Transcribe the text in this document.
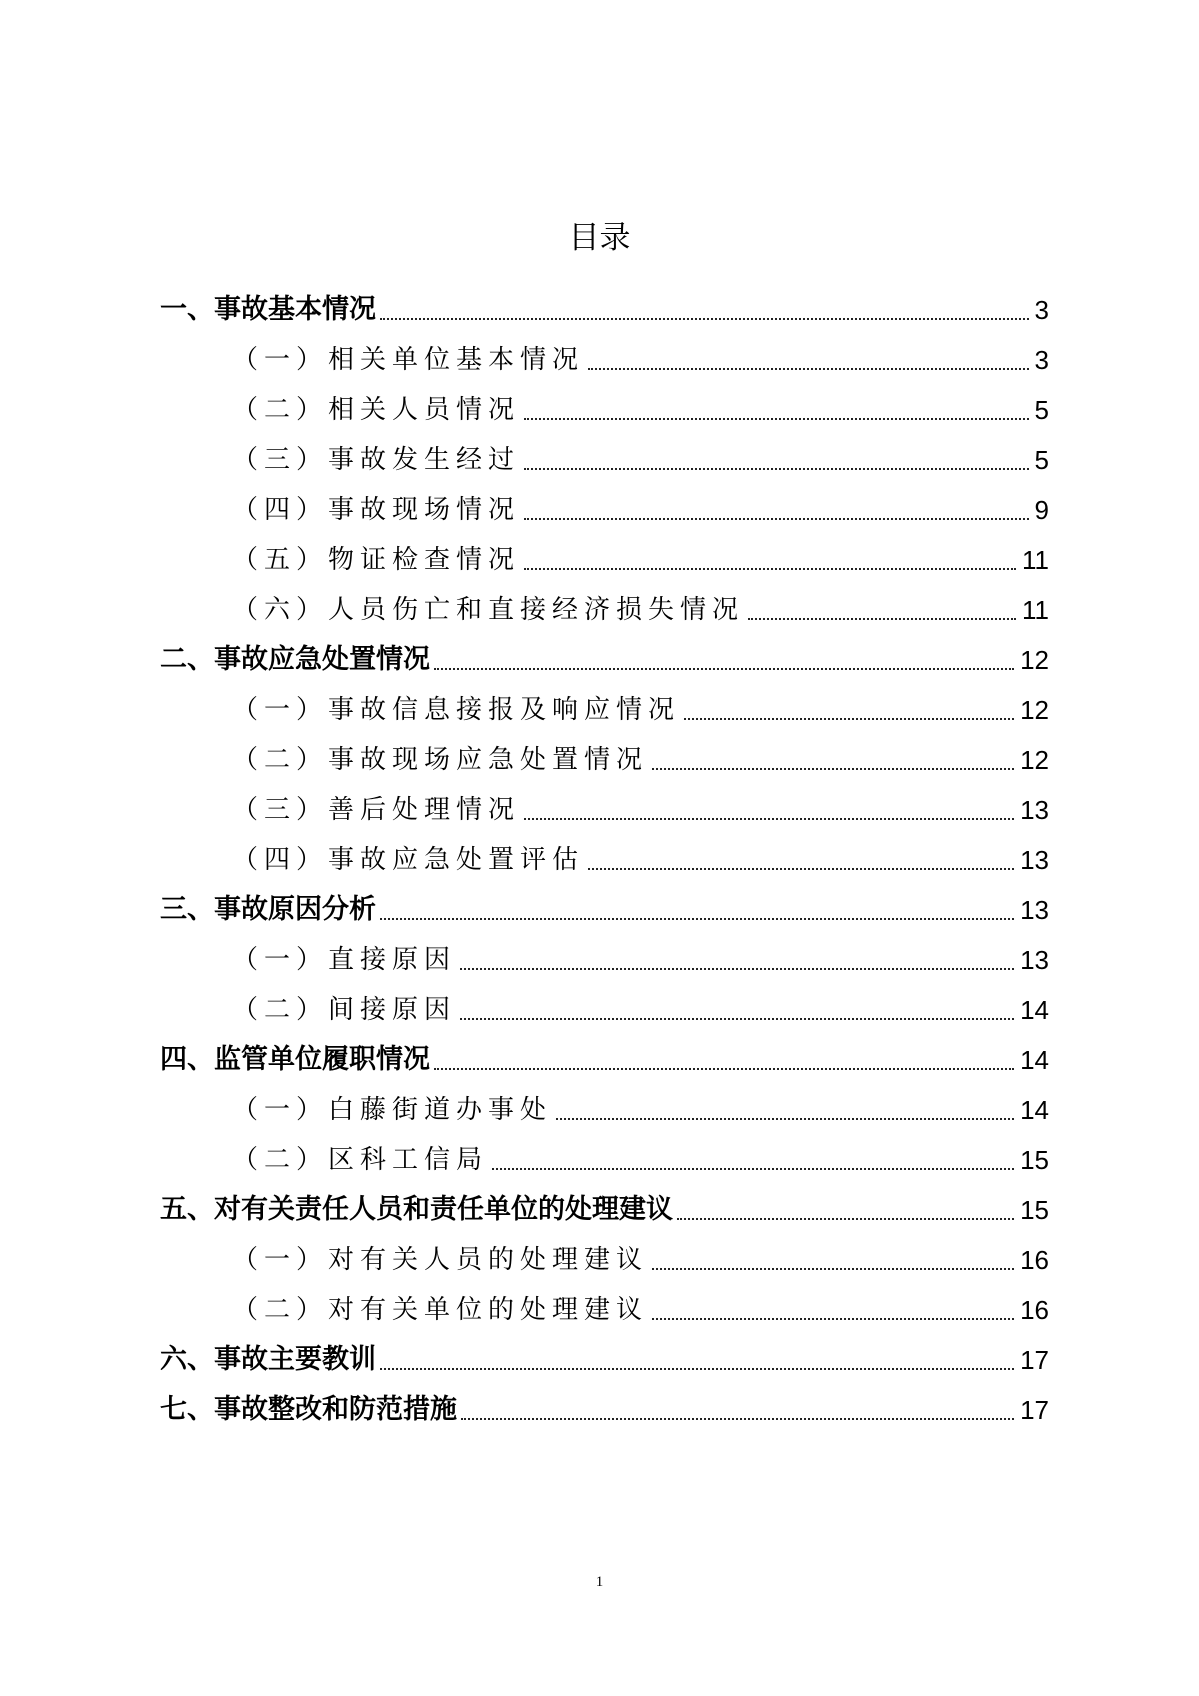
目录
一、事故基本情况	3
（一）相关单位基本情况	3
（二）相关人员情况	5
（三）事故发生经过	5
（四）事故现场情况	9
（五）物证检查情况	11
（六）人员伤亡和直接经济损失情况	11
二、事故应急处置情况	12
（一）事故信息接报及响应情况	12
（二）事故现场应急处置情况	12
（三）善后处理情况	13
（四）事故应急处置评估	13
三、事故原因分析	13
（一）直接原因	13
（二）间接原因	14
四、监管单位履职情况	14
（一）白藤街道办事处	14
（二）区科工信局	15
五、对有关责任人员和责任单位的处理建议	15
（一）对有关人员的处理建议	16
（二）对有关单位的处理建议	16
六、事故主要教训	17
七、事故整改和防范措施	17
1
